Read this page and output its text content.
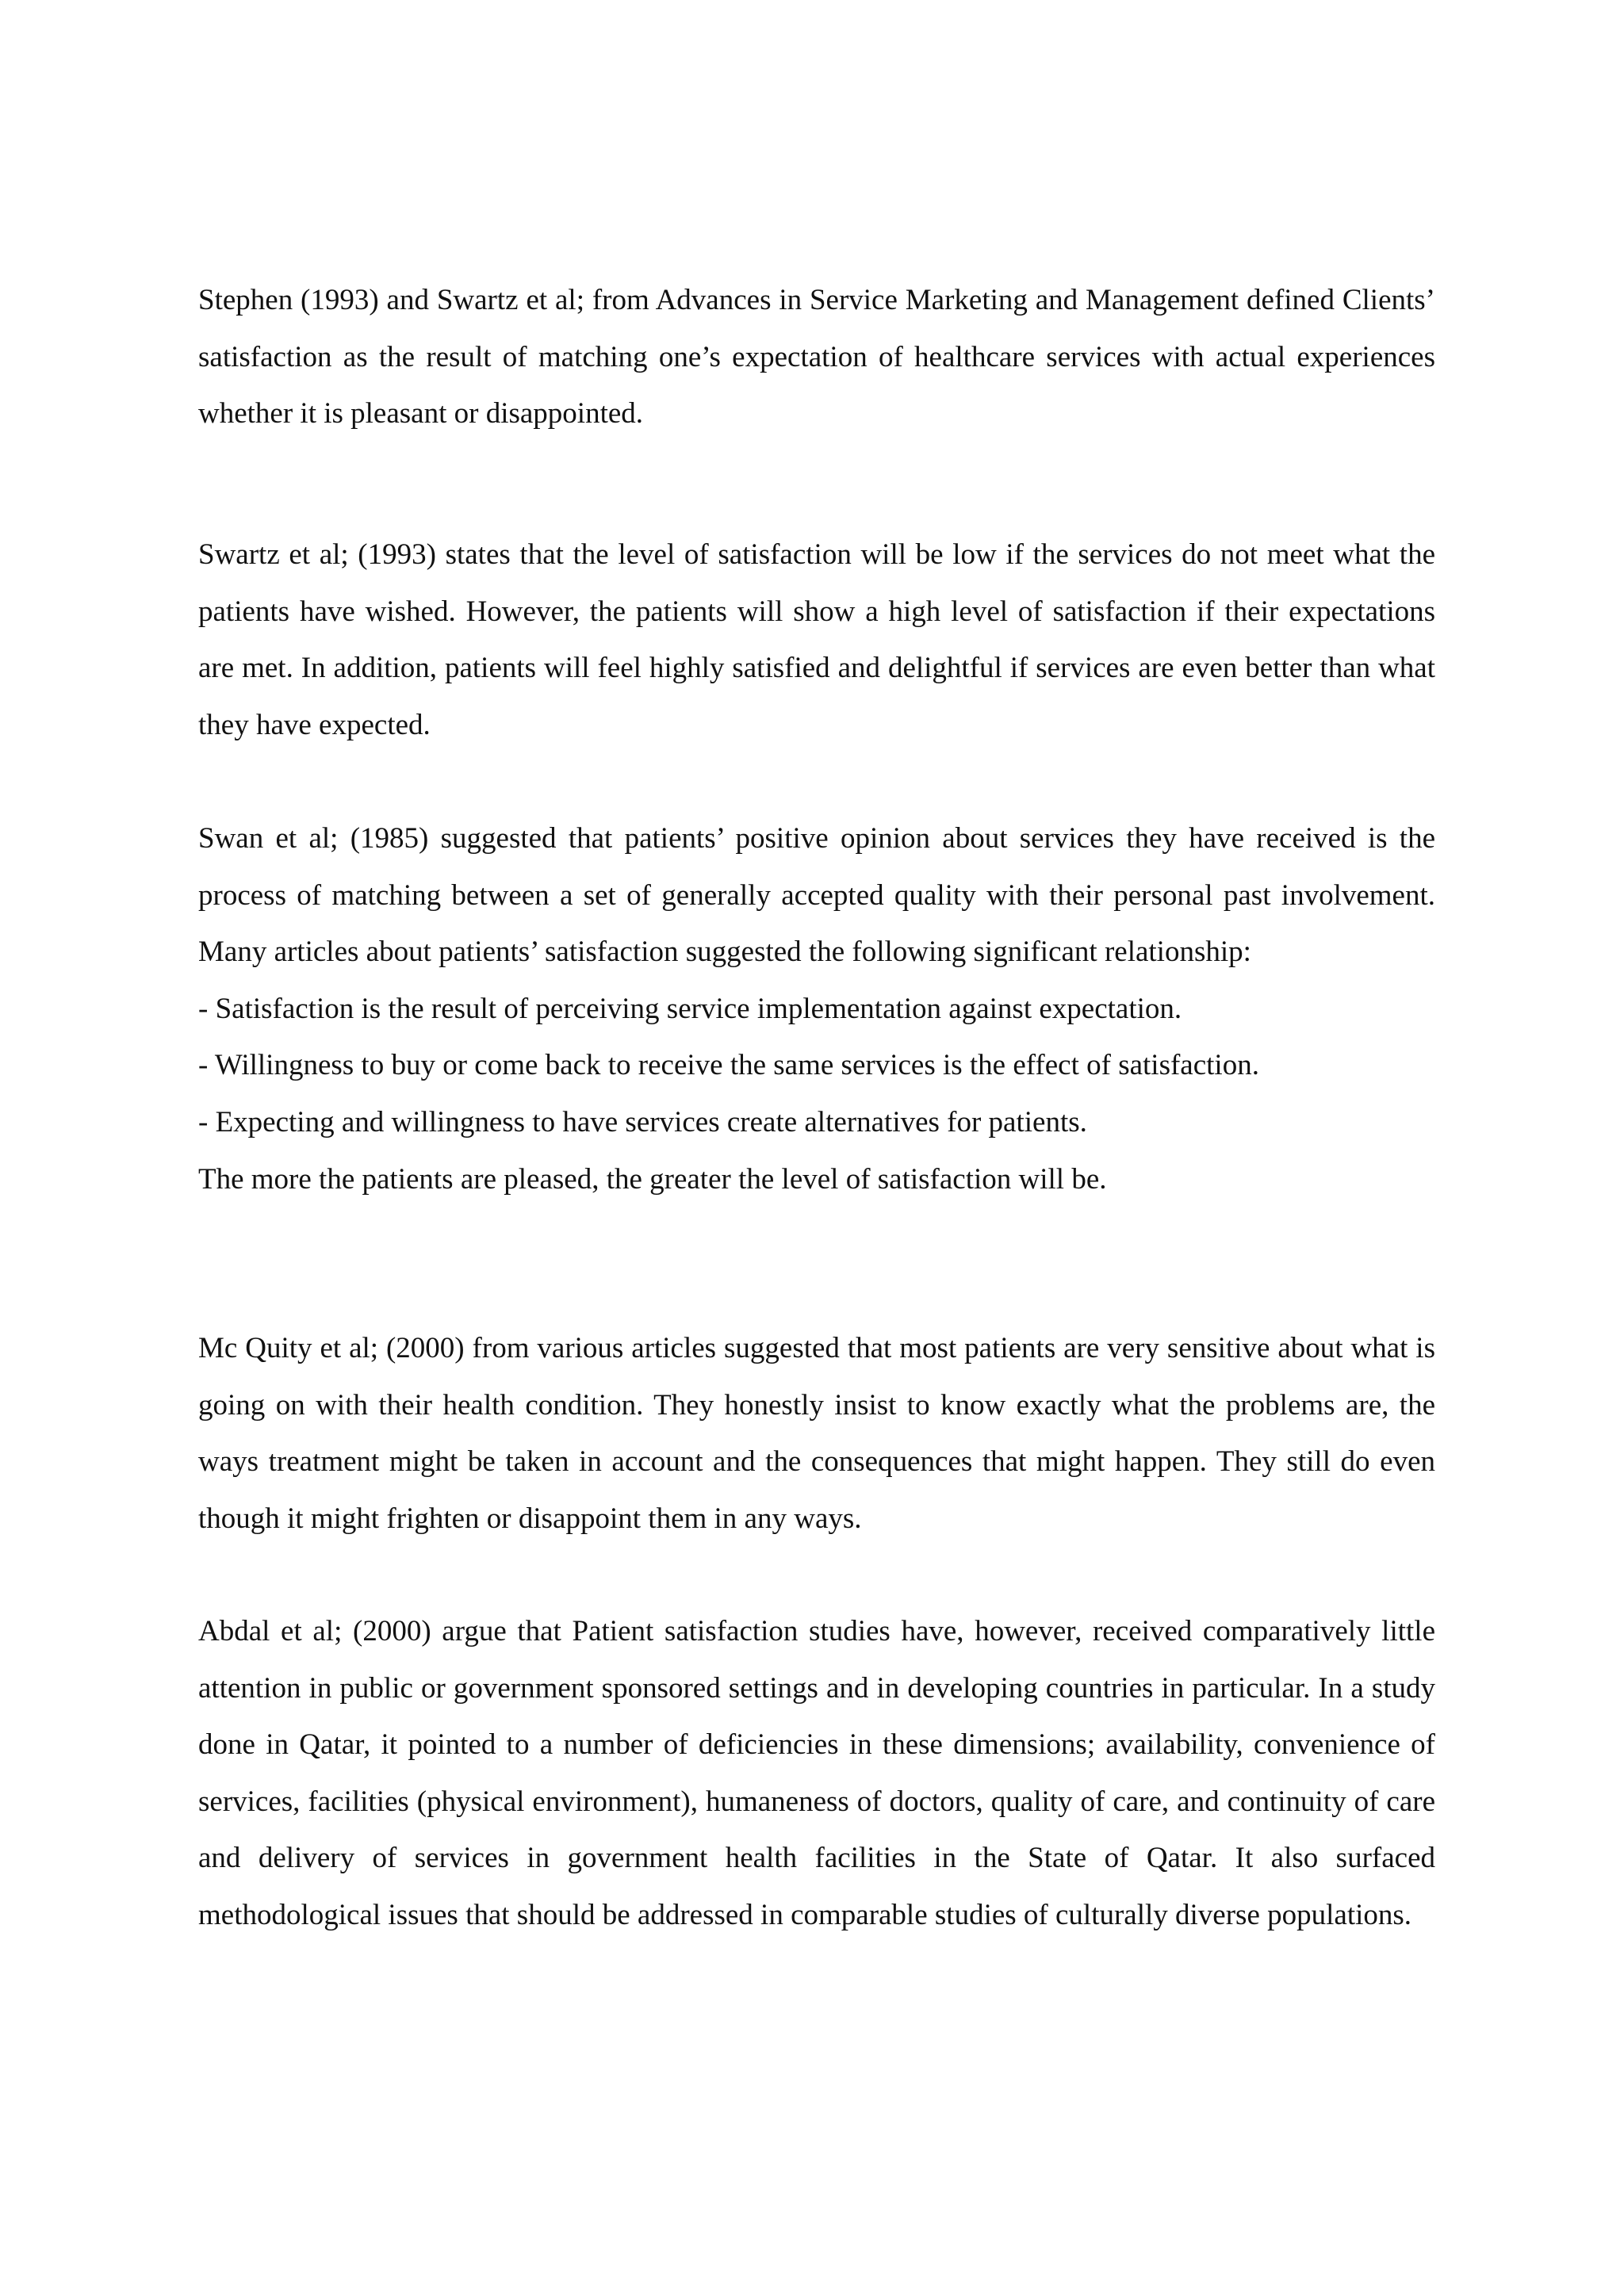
Stephen (1993) and Swartz et al; from Advances in Service Marketing and Management defined Clients’ satisfaction as the result of matching one’s expectation of healthcare services with actual experiences whether it is pleasant or disappointed.

Swartz et al; (1993) states that the level of satisfaction will be low if the services do not meet what the patients have wished. However, the patients will show a high level of satisfaction if their expectations are met. In addition, patients will feel highly satisfied and delightful if services are even better than what they have expected.

Swan et al; (1985) suggested that patients’ positive opinion about services they have received is the process of matching between a set of generally accepted quality with their personal past involvement. Many articles about patients’ satisfaction suggested the following significant relationship:

- Satisfaction is the result of perceiving service implementation against expectation.
- Willingness to buy or come back to receive the same services is the effect of satisfaction.
- Expecting and willingness to have services create alternatives for patients.
The more the patients are pleased, the greater the level of satisfaction will be.

Mc Quity et al; (2000) from various articles suggested that most patients are very sensitive about what is going on with their health condition. They honestly insist to know exactly what the problems are, the ways treatment might be taken in account and the consequences that might happen. They still do even though it might frighten or disappoint them in any ways.

Abdal et al; (2000) argue that Patient satisfaction studies have, however, received comparatively little attention in public or government sponsored settings and in developing countries in particular. In a study done in Qatar, it pointed to a number of deficiencies in these dimensions; availability, convenience of services, facilities (physical environment), humaneness of doctors, quality of care, and continuity of care and delivery of services in government health facilities in the State of Qatar. It also surfaced methodological issues that should be addressed in comparable studies of culturally diverse populations.
